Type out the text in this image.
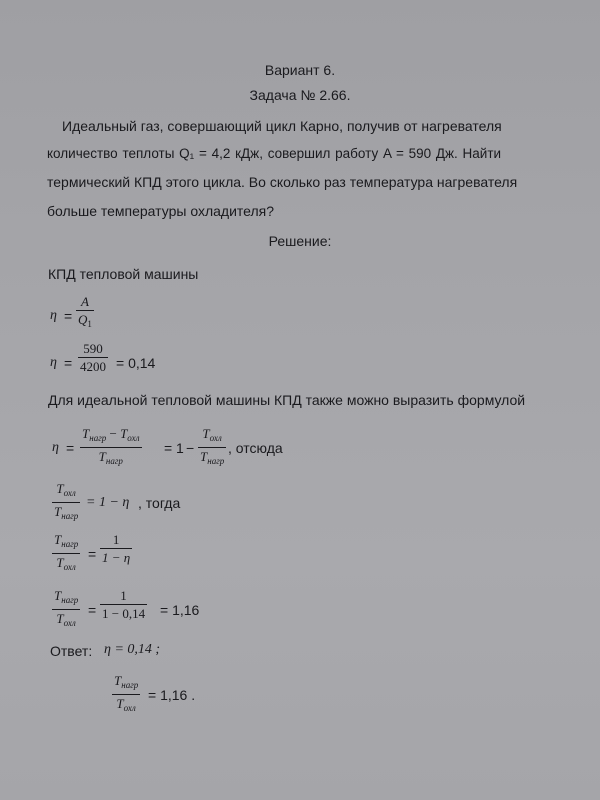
Вариант 6.
Задача № 2.66.
Идеальный газ, совершающий цикл Карно, получив от нагревателя
количество теплоты Q₁ = 4,2 кДж, совершил работу A = 590 Дж. Найти
термический КПД этого цикла. Во сколько раз температура нагревателя
больше температуры охладителя?
Решение:
КПД тепловой машины
$\eta = \frac{A}{Q_1}$
$\eta = \frac{590}{4200} = 0,14$
Для идеальной тепловой машины КПД также можно выразить формулой
η =
$T_{нагр} - T_{охл}$
$T_{нагр}$
= 1 −
$T_{охл}$
$T_{нагр}$
, отсюда
$T_{охл}$
$T_{нагр}$
= 1 − η , тогда
$T_{нагр}$
$T_{охл}$
= $\frac{1}{1 - \eta}$
$T_{нагр}$
$T_{охл}$
= $\frac{1}{1 - 0,14} = 1,16$
Ответ: η = 0,14 ;
$T_{нагр}$
$T_{охл}$
= 1,16 .
